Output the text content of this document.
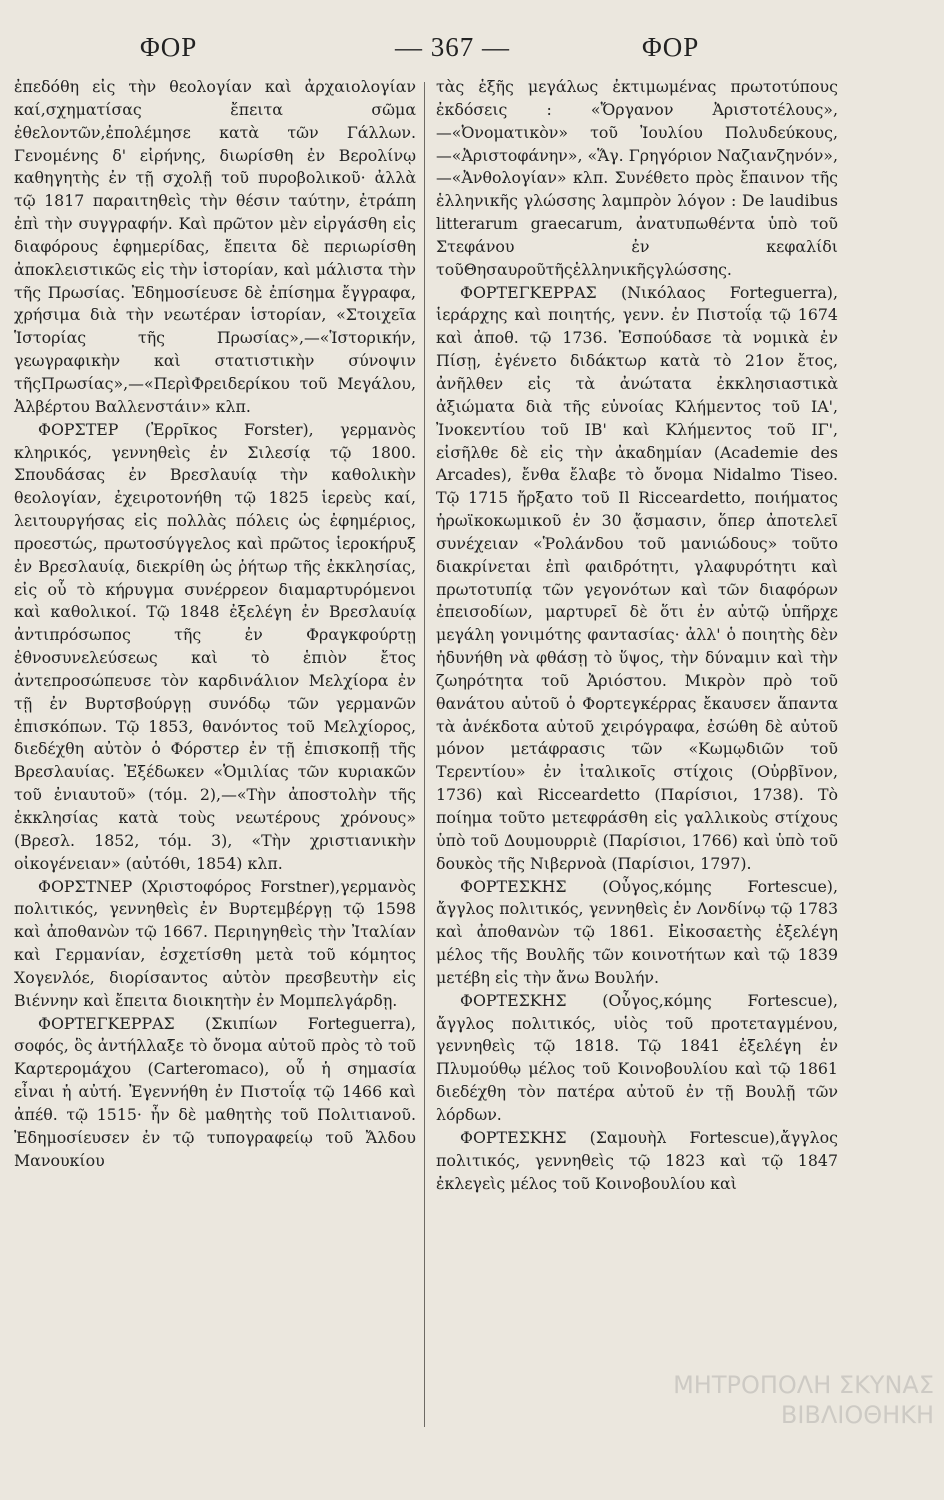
ΦΟΡ	— 367 —	ΦΟΡ

ἐπεδόθη εἰς τὴν θεολογίαν καὶ ἀρχαιολογίαν καί,σχηματίσας ἔπειτα σῶμα ἐθελοντῶν,ἐπολέμησε κατὰ τῶν Γάλλων. Γενομένης δ' εἰρήνης, διωρίσθη ἐν Βερολίνῳ καθηγητὴς ἐν τῇ σχολῇ τοῦ πυροβολικοῦ· ἀλλὰ τῷ 1817 παραιτηθεὶς τὴν θέσιν ταύτην, ἐτράπη ἐπὶ τὴν συγγραφήν. Καὶ πρῶτον μὲν εἰργάσθη εἰς διαφόρους ἐφημερίδας, ἔπειτα δὲ περιωρίσθη ἀποκλειστικῶς εἰς τὴν ἱστορίαν, καὶ μάλιστα τὴν τῆς Πρωσίας. Ἐδημοσίευσε δὲ ἐπίσημα ἔγγραφα, χρήσιμα διὰ τὴν νεωτέραν ἱστορίαν, «Στοιχεῖα Ἱστορίας τῆς Πρωσίας»,—«Ἱστορικήν, γεωγραφικὴν καὶ στατιστικὴν σύνοψιν τῆςΠρωσίας»,—«ΠερὶΦρειδερίκου τοῦ Μεγάλου, Ἀλβέρτου Βαλλενστάιν» κλπ.

ΦΟΡΣΤΕΡ (Ἐρρῖκος Forster), γερμανὸς κληρικός, γεννηθεὶς ἐν Σιλεσίᾳ τῷ 1800. Σπουδάσας ἐν Βρεσλαυίᾳ τὴν καθολικὴν θεολογίαν, ἐχειροτονήθη τῷ 1825 ἱερεὺς καί, λειτουργήσας εἰς πολλὰς πόλεις ὡς ἐφημέριος, προεστώς, πρωτοσύγγελος καὶ πρῶτος ἱεροκήρυξ ἐν Βρεσλαυίᾳ, διεκρίθη ὡς ῥήτωρ τῆς ἐκκλησίας, εἰς οὗ τὸ κήρυγμα συνέρρεον διαμαρτυρόμενοι καὶ καθολικοί. Τῷ 1848 ἐξελέγη ἐν Βρεσλαυίᾳ ἀντιπρόσωπος τῆς ἐν Φραγκφούρτῃ ἐθνοσυνελεύσεως καὶ τὸ ἑπιὸν ἔτος ἀντεπροσώπευσε τὸν καρδινάλιον Μελχίορα ἐν τῇ ἐν Βυρτσβούργῃ συνόδῳ τῶν γερμανῶν ἐπισκόπων. Τῷ 1853, θανόντος τοῦ Μελχίορος, διεδέχθη αὐτὸν ὁ Φόρστερ ἐν τῇ ἐπισκοπῇ τῆς Βρεσλαυίας. Ἐξέδωκεν «Ὁμιλίας τῶν κυριακῶν τοῦ ἐνιαυτοῦ» (τόμ. 2),—«Τὴν ἀποστολὴν τῆς ἐκκλησίας κατὰ τοὺς νεωτέρους χρόνους» (Βρεσλ. 1852, τόμ. 3), «Τὴν χριστιανικὴν οἰκογένειαν» (αὐτόθι, 1854) κλπ.

ΦΟΡΣΤΝΕΡ (Χριστοφόρος Forstner),γερμανὸς πολιτικός, γεννηθεὶς ἐν Βυρτεμβέργῃ τῷ 1598 καὶ ἀποθανὼν τῷ 1667. Περιηγηθεὶς τὴν Ἰταλίαν καὶ Γερμανίαν, ἐσχετίσθη μετὰ τοῦ κόμητος Χογενλόε, διορίσαντος αὐτὸν πρεσβευτὴν εἰς Βιέννην καὶ ἔπειτα διοικητὴν ἐν Μομπελγάρδῃ.

ΦΟΡΤΕΓΚΕΡΡΑΣ (Σκιπίων Forteguerra), σοφός, ὃς ἀντήλλαξε τὸ ὄνομα αὐτοῦ πρὸς τὸ τοῦ Καρτερομάχου (Carteromaco), οὗ ἡ σημασία εἶναι ἡ αὐτή. Ἐγεννήθη ἐν Πιστοΐᾳ τῷ 1466 καὶ ἀπέθ. τῷ 1515· ἦν δὲ μαθητὴς τοῦ Πολιτιανοῦ. Ἐδημοσίευσεν ἐν τῷ τυπογραφείῳ τοῦ Ἄλδου Μανουκίου

τὰς ἑξῆς μεγάλως ἐκτιμωμένας πρωτοτύπους ἐκδόσεις : «Ὄργανον Ἀριστοτέλους»,—«Ὀνοματικὸν» τοῦ Ἰουλίου Πολυδεύκους,—«Ἀριστοφάνην», «Ἅγ. Γρηγόριον Ναζιανζηνόν»,—«Ἀνθολογίαν» κλπ. Συνέθετο πρὸς ἔπαινον τῆς ἑλληνικῆς γλώσσης λαμπρὸν λόγον : De laudibus litterarum graecarum, ἀνατυπωθέντα ὑπὸ τοῦ Στεφάνου ἐν κεφαλίδι τοῦΘησαυροῦτῆςἑλληνικῆςγλώσσης.

ΦΟΡΤΕΓΚΕΡΡΑΣ (Νικόλαος Forteguerra), ἱεράρχης καὶ ποιητής, γενν. ἐν Πιστοΐᾳ τῷ 1674 καὶ ἀποθ. τῷ 1736. Ἐσπούδασε τὰ νομικὰ ἐν Πίσῃ, ἐγένετο διδάκτωρ κατὰ τὸ 21ον ἔτος, ἀνῆλθεν εἰς τὰ ἀνώτατα ἐκκλησιαστικὰ ἀξιώματα διὰ τῆς εὐνοίας Κλήμεντος τοῦ ΙΑ', Ἰνοκεντίου τοῦ ΙΒ' καὶ Κλήμεντος τοῦ ΙΓ', εἰσῆλθε δὲ εἰς τὴν ἀκαδημίαν (Academie des Arcades), ἔνθα ἔλαβε τὸ ὄνομα Nidalmo Tiseo. Τῷ 1715 ἤρξατο τοῦ Il Ricceardetto, ποιήματος ἡρωϊκοκωμικοῦ ἐν 30 ᾄσμασιν, ὅπερ ἀποτελεῖ συνέχειαν «Ῥολάνδου τοῦ μανιώδους» τοῦτο διακρίνεται ἐπὶ φαιδρότητι, γλαφυρότητι καὶ πρωτοτυπίᾳ τῶν γεγονότων καὶ τῶν διαφόρων ἐπεισοδίων, μαρτυρεῖ δὲ ὅτι ἐν αὐτῷ ὑπῆρχε μεγάλη γονιμότης φαντασίας· ἀλλ' ὁ ποιητὴς δὲν ἠδυνήθη νὰ φθάσῃ τὸ ὕψος, τὴν δύναμιν καὶ τὴν ζωηρότητα τοῦ Ἀριόστου. Μικρὸν πρὸ τοῦ θανάτου αὐτοῦ ὁ Φορτεγκέρρας ἔκαυσεν ἅπαντα τὰ ἀνέκδοτα αὐτοῦ χειρόγραφα, ἐσώθη δὲ αὐτοῦ μόνον μετάφρασις τῶν «Κωμῳδιῶν τοῦ Τερεντίου» ἐν ἰταλικοῖς στίχοις (Οὐρβῖνον, 1736) καὶ Ricceardetto (Παρίσιοι, 1738). Τὸ ποίημα τοῦτο μετεφράσθη εἰς γαλλικοὺς στίχους ὑπὸ τοῦ Δουμουρριὲ (Παρίσιοι, 1766) καὶ ὑπὸ τοῦ δουκὸς τῆς Νιβερνοὰ (Παρίσιοι, 1797).

ΦΟΡΤΕΣΚΗΣ (Οὖγος,κόμης Fortescue), ἄγγλος πολιτικός, γεννηθεὶς ἐν Λονδίνῳ τῷ 1783 καὶ ἀποθανὼν τῷ 1861. Εἰκοσαετὴς ἐξελέγη μέλος τῆς Βουλῆς τῶν κοινοτήτων καὶ τῷ 1839 μετέβη εἰς τὴν ἄνω Βουλήν.

ΦΟΡΤΕΣΚΗΣ (Οὖγος,κόμης Fortescue), ἄγγλος πολιτικός, υἱὸς τοῦ προτεταγμένου, γεννηθεὶς τῷ 1818. Τῷ 1841 ἐξελέγη ἐν Πλυμούθῳ μέλος τοῦ Κοινοβουλίου καὶ τῷ 1861 διεδέχθη τὸν πατέρα αὐτοῦ ἐν τῇ Βουλῇ τῶν λόρδων.

ΦΟΡΤΕΣΚΗΣ (Σαμουὴλ Fortescue),ἄγγλος πολιτικός, γεννηθεὶς τῷ 1823 καὶ τῷ 1847 ἐκλεγεὶς μέλος τοῦ Κοινοβουλίου καὶ

ΜΗΤΡΟΠΟΛΗ ΣΚΥΝΑΣ
ΒΙΒΛΙΟΘΗΚΗ
